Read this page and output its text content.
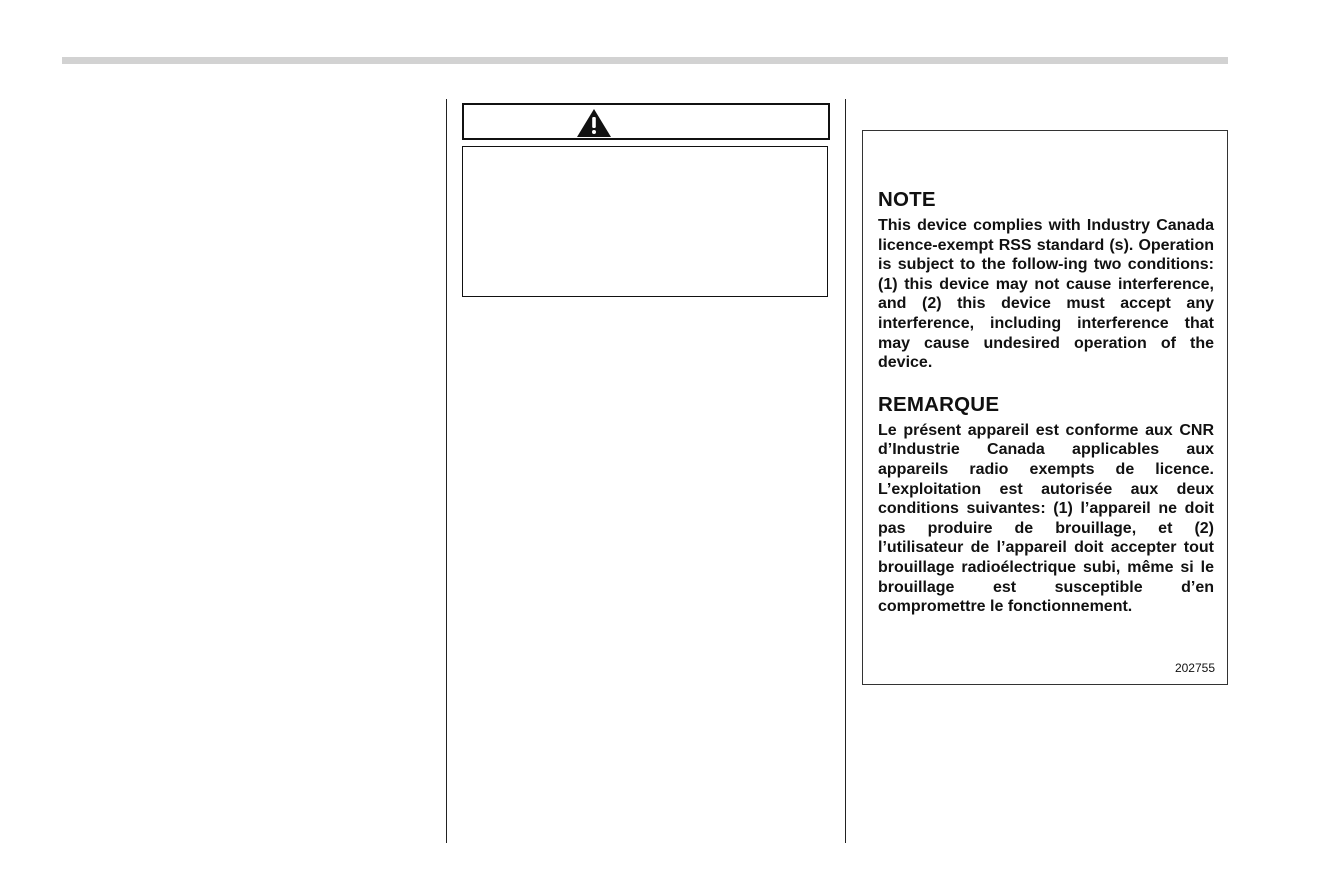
NOTE

This device complies with Industry Canada licence-exempt RSS standard (s). Operation is subject to the follow-ing two conditions: (1) this device may not cause interference, and (2) this device must accept any interference, including interference that may cause undesired operation of the device.

REMARQUE

Le présent appareil est conforme aux CNR d’Industrie Canada applicables aux appareils radio exempts de licence. L’exploitation est autorisée aux deux conditions suivantes: (1) l’appareil ne doit pas produire de brouillage, et (2) l’utilisateur de l’appareil doit accepter tout brouillage radioélectrique subi, même si le brouillage est susceptible d’en compromettre le fonctionnement.

202755
